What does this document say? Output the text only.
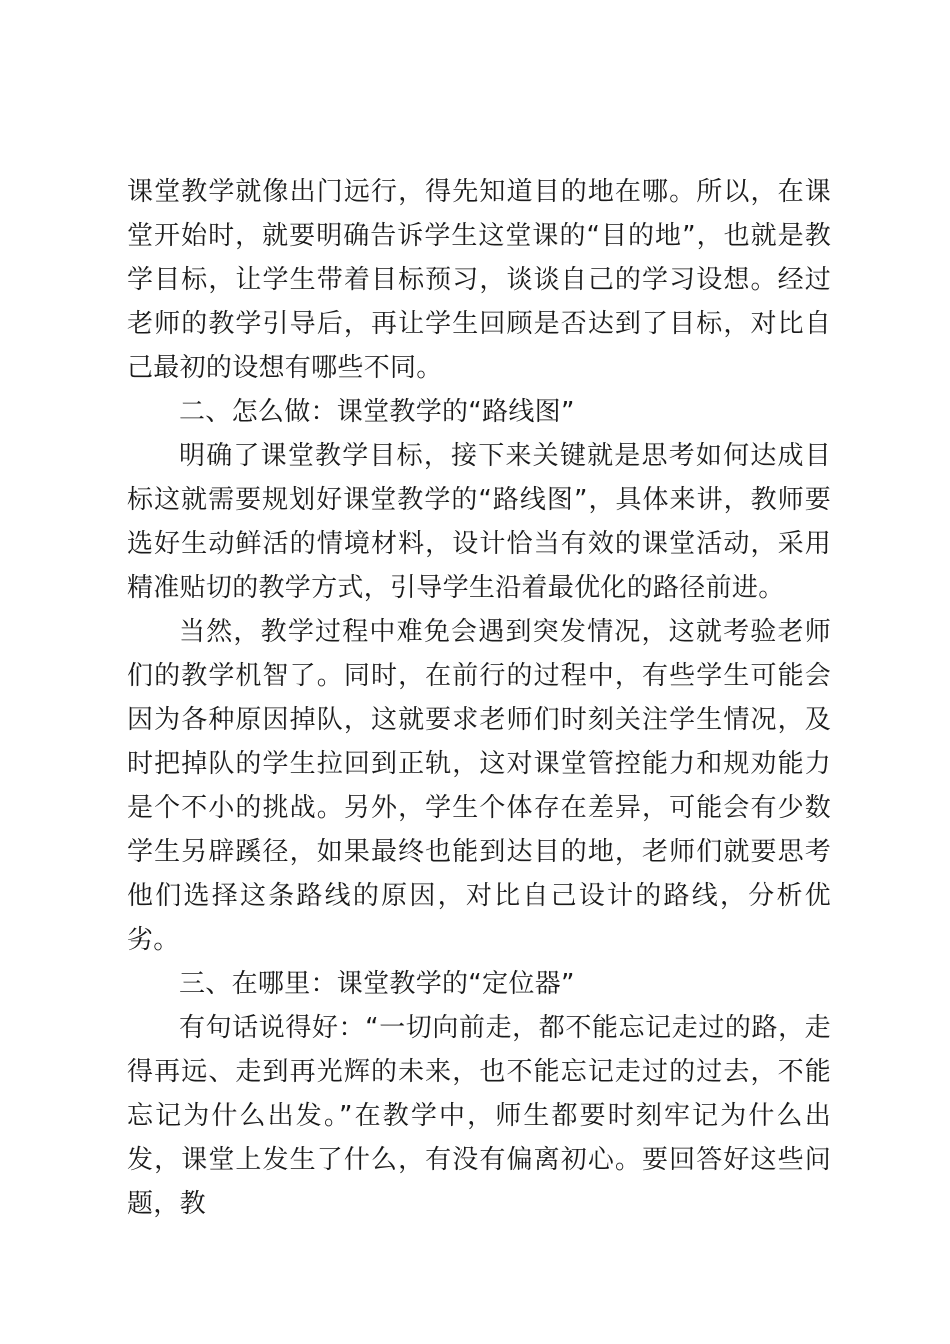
课堂教学就像出门远行，得先知道目的地在哪。所以，在课堂开始时，就要明确告诉学生这堂课的“目的地”，也就是教学目标，让学生带着目标预习，谈谈自己的学习设想。经过老师的教学引导后，再让学生回顾是否达到了目标，对比自己最初的设想有哪些不同。

二、怎么做：课堂教学的“路线图”

明确了课堂教学目标，接下来关键就是思考如何达成目标这就需要规划好课堂教学的“路线图”，具体来讲，教师要选好生动鲜活的情境材料，设计恰当有效的课堂活动，采用精准贴切的教学方式，引导学生沿着最优化的路径前进。

当然，教学过程中难免会遇到突发情况，这就考验老师们的教学机智了。同时，在前行的过程中，有些学生可能会因为各种原因掉队，这就要求老师们时刻关注学生情况，及时把掉队的学生拉回到正轨，这对课堂管控能力和规劝能力是个不小的挑战。另外，学生个体存在差异，可能会有少数学生另辟蹊径，如果最终也能到达目的地，老师们就要思考他们选择这条路线的原因，对比自己设计的路线，分析优劣。

三、在哪里：课堂教学的“定位器”

有句话说得好：“一切向前走，都不能忘记走过的路，走得再远、走到再光辉的未来，也不能忘记走过的过去，不能忘记为什么出发。”在教学中，师生都要时刻牢记为什么出发，课堂上发生了什么，有没有偏离初心。要回答好这些问题，教
